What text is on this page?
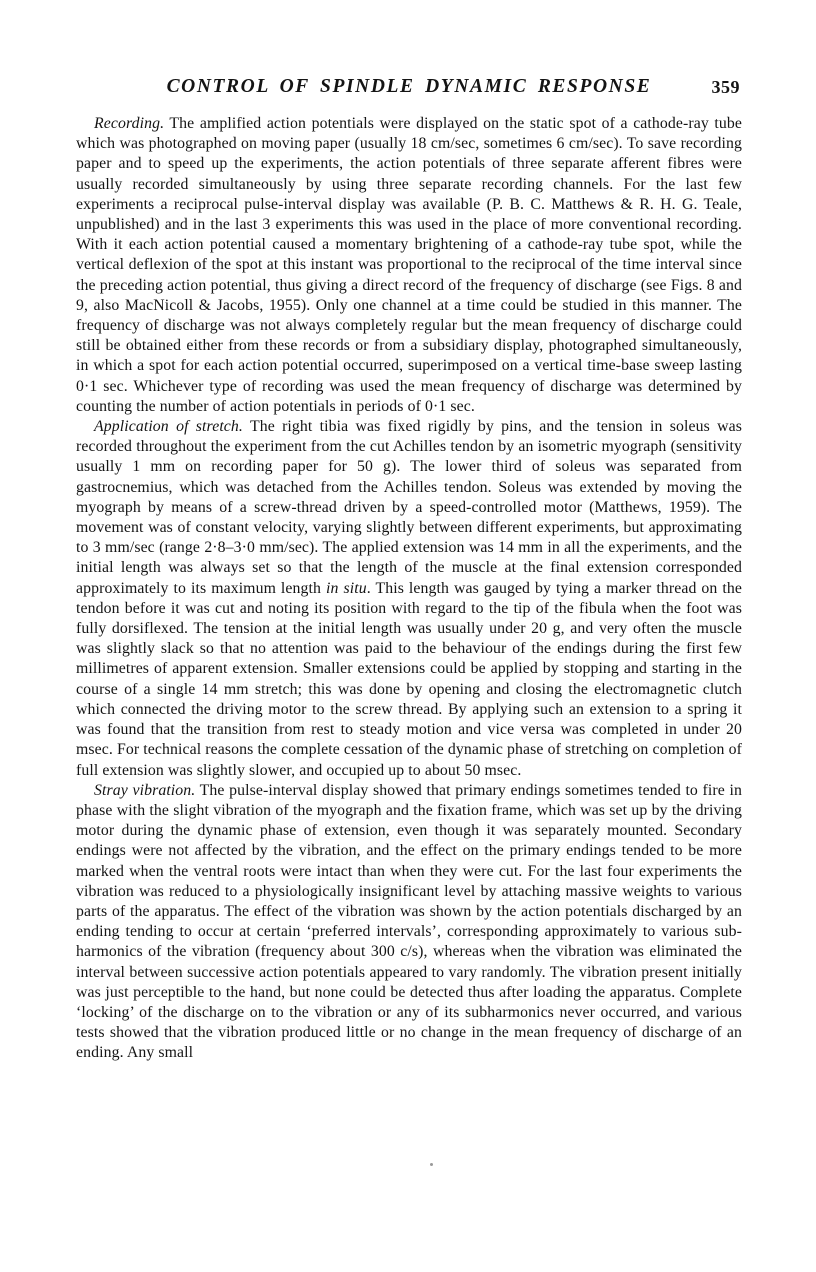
CONTROL OF SPINDLE DYNAMIC RESPONSE	359

Recording. The amplified action potentials were displayed on the static spot of a cathode-ray tube which was photographed on moving paper (usually 18 cm/sec, sometimes 6 cm/sec). To save recording paper and to speed up the experiments, the action potentials of three separate afferent fibres were usually recorded simultaneously by using three separate recording channels. For the last few experiments a reciprocal pulse-interval display was available (P. B. C. Matthews & R. H. G. Teale, unpublished) and in the last 3 experiments this was used in the place of more conventional recording. With it each action potential caused a momentary brightening of a cathode-ray tube spot, while the vertical deflexion of the spot at this instant was proportional to the reciprocal of the time interval since the preceding action potential, thus giving a direct record of the frequency of discharge (see Figs. 8 and 9, also MacNicoll & Jacobs, 1955). Only one channel at a time could be studied in this manner. The frequency of discharge was not always completely regular but the mean frequency of discharge could still be obtained either from these records or from a subsidiary display, photographed simultaneously, in which a spot for each action potential occurred, superimposed on a vertical time-base sweep lasting 0·1 sec. Whichever type of recording was used the mean frequency of discharge was determined by counting the number of action potentials in periods of 0·1 sec.

Application of stretch. The right tibia was fixed rigidly by pins, and the tension in soleus was recorded throughout the experiment from the cut Achilles tendon by an isometric myograph (sensitivity usually 1 mm on recording paper for 50 g). The lower third of soleus was separated from gastrocnemius, which was detached from the Achilles tendon. Soleus was extended by moving the myograph by means of a screw-thread driven by a speed-controlled motor (Matthews, 1959). The movement was of constant velocity, varying slightly between different experiments, but approximating to 3 mm/sec (range 2·8–3·0 mm/sec). The applied extension was 14 mm in all the experiments, and the initial length was always set so that the length of the muscle at the final extension corresponded approximately to its maximum length in situ. This length was gauged by tying a marker thread on the tendon before it was cut and noting its position with regard to the tip of the fibula when the foot was fully dorsiflexed. The tension at the initial length was usually under 20 g, and very often the muscle was slightly slack so that no attention was paid to the behaviour of the endings during the first few millimetres of apparent extension. Smaller extensions could be applied by stopping and starting in the course of a single 14 mm stretch; this was done by opening and closing the electromagnetic clutch which connected the driving motor to the screw thread. By applying such an extension to a spring it was found that the transition from rest to steady motion and vice versa was completed in under 20 msec. For technical reasons the complete cessation of the dynamic phase of stretching on completion of full extension was slightly slower, and occupied up to about 50 msec.

Stray vibration. The pulse-interval display showed that primary endings sometimes tended to fire in phase with the slight vibration of the myograph and the fixation frame, which was set up by the driving motor during the dynamic phase of extension, even though it was separately mounted. Secondary endings were not affected by the vibration, and the effect on the primary endings tended to be more marked when the ventral roots were intact than when they were cut. For the last four experiments the vibration was reduced to a physiologically insignificant level by attaching massive weights to various parts of the apparatus. The effect of the vibration was shown by the action potentials discharged by an ending tending to occur at certain ‘preferred intervals’, corresponding approximately to various sub-harmonics of the vibration (frequency about 300 c/s), whereas when the vibration was eliminated the interval between successive action potentials appeared to vary randomly. The vibration present initially was just perceptible to the hand, but none could be detected thus after loading the apparatus. Complete ‘locking’ of the discharge on to the vibration or any of its subharmonics never occurred, and various tests showed that the vibration produced little or no change in the mean frequency of discharge of an ending. Any small
